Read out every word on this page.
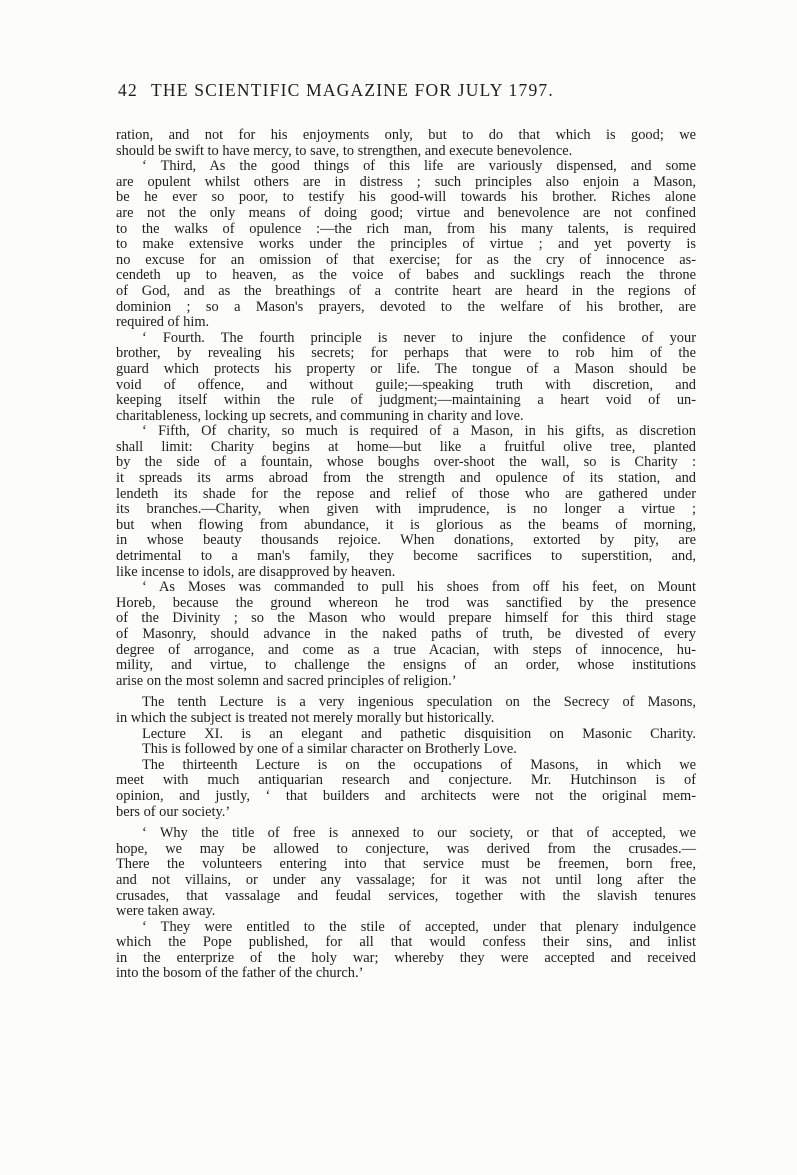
42 THE SCIENTIFIC MAGAZINE FOR JULY 1797.
ration, and not for his enjoyments only, but to do that which is good; we
should be swift to have mercy, to save, to strengthen, and execute benevolence.
‘ Third, As the good things of this life are variously dispensed, and some
are opulent whilst others are in distress ; such principles also enjoin a Mason,
be he ever so poor, to testify his good-will towards his brother. Riches alone
are not the only means of doing good; virtue and benevolence are not confined
to the walks of opulence :—the rich man, from his many talents, is required
to make extensive works under the principles of virtue ; and yet poverty is
no excuse for an omission of that exercise; for as the cry of innocence as-
cendeth up to heaven, as the voice of babes and sucklings reach the throne
of God, and as the breathings of a contrite heart are heard in the regions of
dominion ; so a Mason's prayers, devoted to the welfare of his brother, are
required of him.
‘ Fourth. The fourth principle is never to injure the confidence of your
brother, by revealing his secrets; for perhaps that were to rob him of the
guard which protects his property or life. The tongue of a Mason should be
void of offence, and without guile;—speaking truth with discretion, and
keeping itself within the rule of judgment;—maintaining a heart void of un-
charitableness, locking up secrets, and communing in charity and love.
‘ Fifth, Of charity, so much is required of a Mason, in his gifts, as discretion
shall limit: Charity begins at home—but like a fruitful olive tree, planted
by the side of a fountain, whose boughs over-shoot the wall, so is Charity :
it spreads its arms abroad from the strength and opulence of its station, and
lendeth its shade for the repose and relief of those who are gathered under
its branches.—Charity, when given with imprudence, is no longer a virtue ;
but when flowing from abundance, it is glorious as the beams of morning,
in whose beauty thousands rejoice. When donations, extorted by pity, are
detrimental to a man's family, they become sacrifices to superstition, and,
like incense to idols, are disapproved by heaven.
‘ As Moses was commanded to pull his shoes from off his feet, on Mount
Horeb, because the ground whereon he trod was sanctified by the presence
of the Divinity ; so the Mason who would prepare himself for this third stage
of Masonry, should advance in the naked paths of truth, be divested of every
degree of arrogance, and come as a true Acacian, with steps of innocence, hu-
mility, and virtue, to challenge the ensigns of an order, whose institutions
arise on the most solemn and sacred principles of religion.’
The tenth Lecture is a very ingenious speculation on the Secrecy of Masons,
in which the subject is treated not merely morally but historically.
Lecture XI. is an elegant and pathetic disquisition on Masonic Charity.
This is followed by one of a similar character on Brotherly Love.
The thirteenth Lecture is on the occupations of Masons, in which we
meet with much antiquarian research and conjecture. Mr. Hutchinson is of
opinion, and justly, ‘ that builders and architects were not the original mem-
bers of our society.’
‘ Why the title of free is annexed to our society, or that of accepted, we
hope, we may be allowed to conjecture, was derived from the crusades.—
There the volunteers entering into that service must be freemen, born free,
and not villains, or under any vassalage; for it was not until long after the
crusades, that vassalage and feudal services, together with the slavish tenures
were taken away.
‘ They were entitled to the stile of accepted, under that plenary indulgence
which the Pope published, for all that would confess their sins, and inlist
in the enterprize of the holy war; whereby they were accepted and received
into the bosom of the father of the church.’
